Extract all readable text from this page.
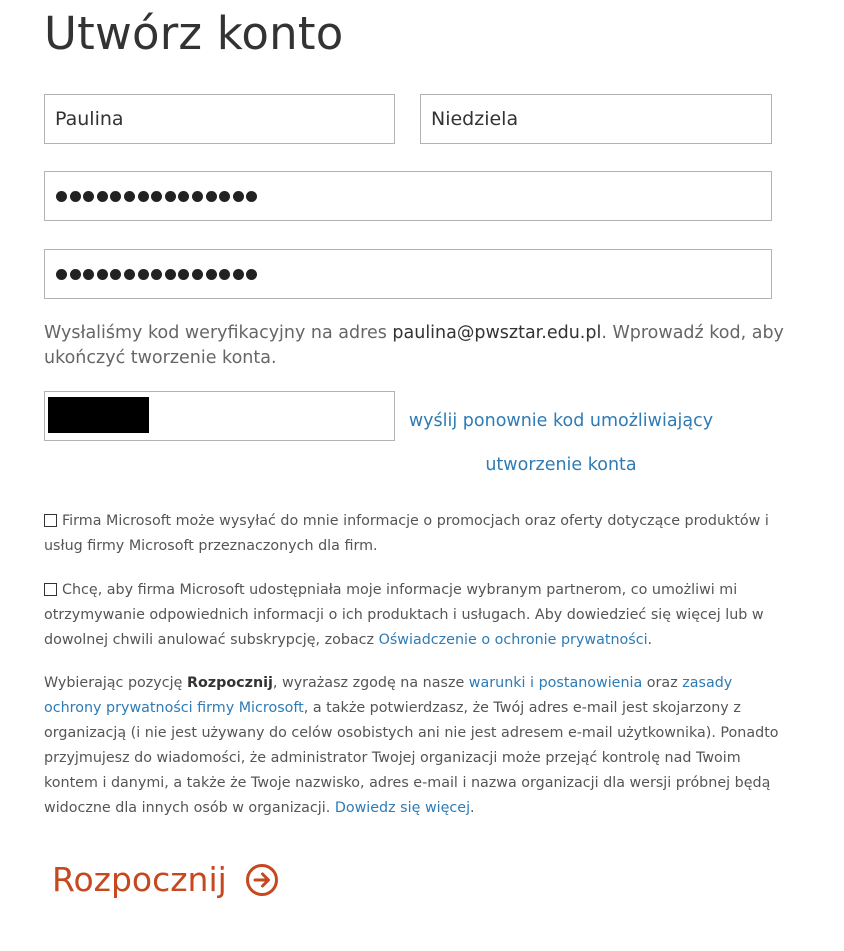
Utwórz konto
Paulina
Niedziela

Wysłaliśmy kod weryfikacyjny na adres paulina@pwsztar.edu.pl. Wprowadź kod, aby ukończyć tworzenie konta.

wyślij ponownie kod umożliwiający utworzenie konta
Firma Microsoft może wysyłać do mnie informacje o promocjach oraz oferty dotyczące produktów i usług firmy Microsoft przeznaczonych dla firm.
Chcę, aby firma Microsoft udostępniała moje informacje wybranym partnerom, co umożliwi mi otrzymywanie odpowiednich informacji o ich produktach i usługach. Aby dowiedzieć się więcej lub w dowolnej chwili anulować subskrypcję, zobacz Oświadczenie o ochronie prywatności.

Wybierając pozycję Rozpocznij, wyrażasz zgodę na nasze warunki i postanowienia oraz zasady ochrony prywatności firmy Microsoft, a także potwierdzasz, że Twój adres e-mail jest skojarzony z organizacją (i nie jest używany do celów osobistych ani nie jest adresem e-mail użytkownika). Ponadto przyjmujesz do wiadomości, że administrator Twojej organizacji może przejąć kontrolę nad Twoim kontem i danymi, a także że Twoje nazwisko, adres e-mail i nazwa organizacji dla wersji próbnej będą widoczne dla innych osób w organizacji. Dowiedz się więcej.

Rozpocznij
